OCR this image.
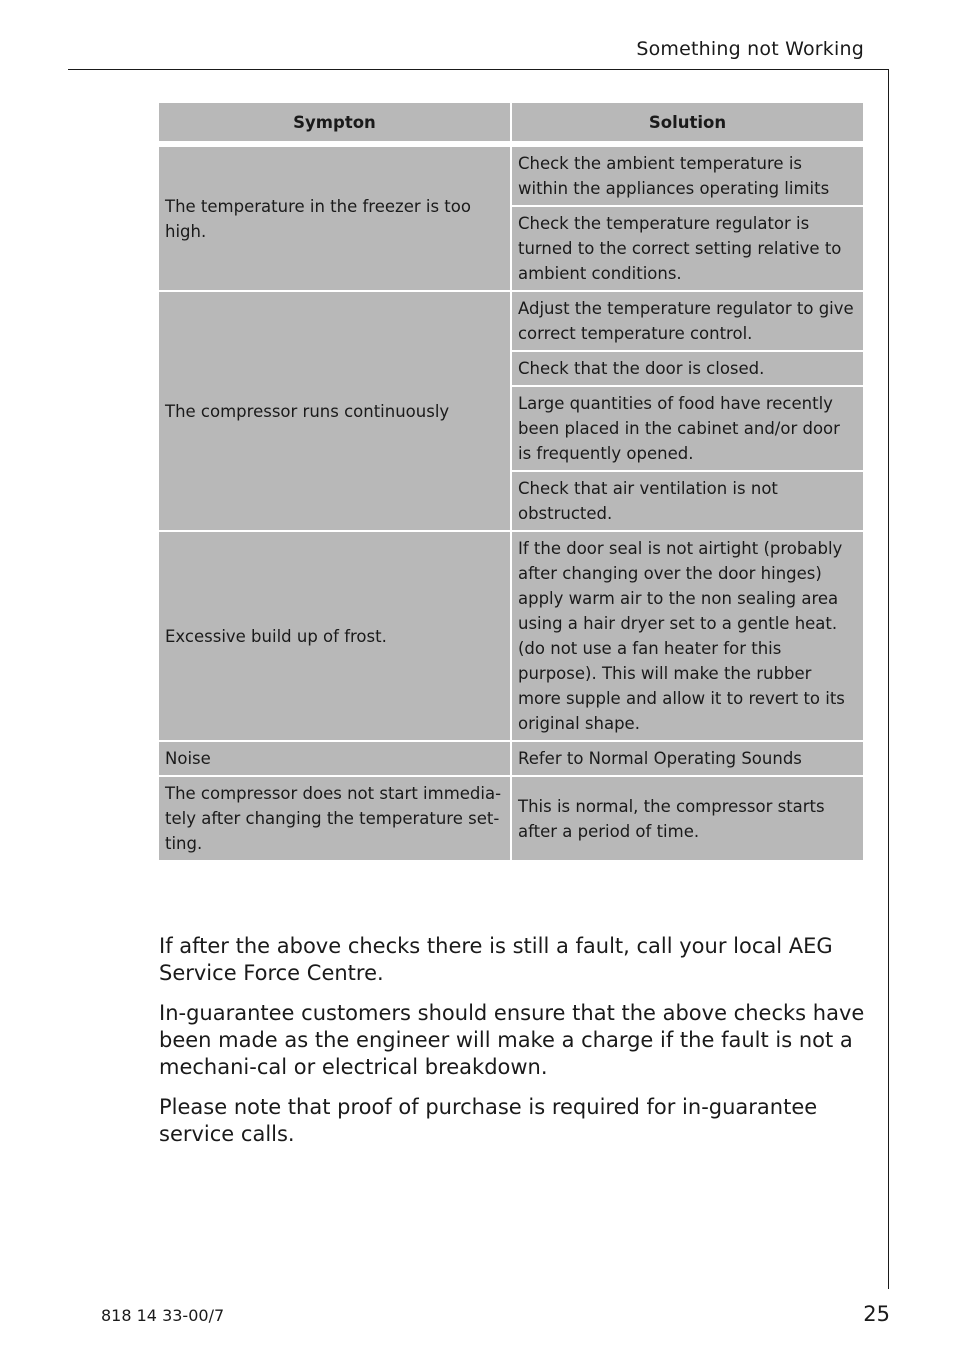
Something not Working
Sympton	Solution

The temperature in the freezer is too high.	Check the ambient temperature is within the appliances operating limits
	Check the temperature regulator is turned to the correct setting relative to ambient conditions.
The compressor runs continuously	Adjust the temperature regulator to give correct temperature control.
	Check that the door is closed.
	Large quantities of food have recently been placed in the cabinet and/or door is frequently opened.
	Check that air ventilation is not obstructed.
Excessive build up of frost.	If the door seal is not airtight (probably after changing over the door hinges) apply warm air to the non sealing area using a hair dryer set to a gentle heat. (do not use a fan heater for this purpose). This will make the rubber more supple and allow it to revert to its original shape.
Noise	Refer to Normal Operating Sounds
The compressor does not start immedia-tely after changing the temperature set-ting.	This is normal, the compressor starts after a period of time.

If after the above checks there is still a fault, call your local AEG Service Force Centre.

In-guarantee customers should ensure that the above checks have been made as the engineer will make a charge if the fault is not a mechani-cal or electrical breakdown.

Please note that proof of purchase is required for in-guarantee service calls.

818 14 33-00/7	25
